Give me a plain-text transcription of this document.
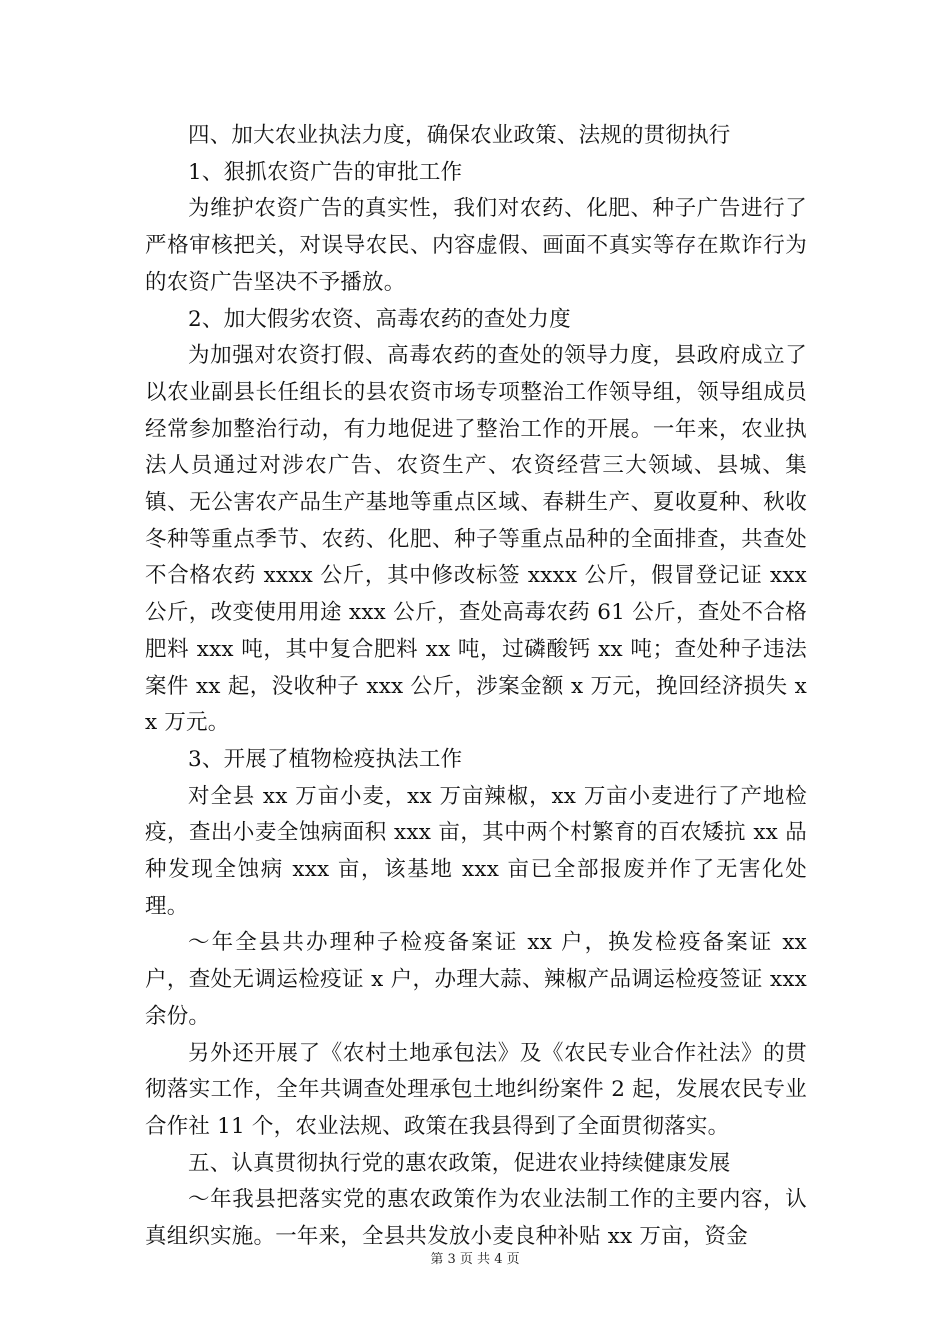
四、加大农业执法力度，确保农业政策、法规的贯彻执行

1、狠抓农资广告的审批工作

为维护农资广告的真实性，我们对农药、化肥、种子广告进行了严格审核把关，对误导农民、内容虚假、画面不真实等存在欺诈行为的农资广告坚决不予播放。

2、加大假劣农资、高毒农药的查处力度

为加强对农资打假、高毒农药的查处的领导力度，县政府成立了以农业副县长任组长的县农资市场专项整治工作领导组，领导组成员经常参加整治行动，有力地促进了整治工作的开展。一年来，农业执法人员通过对涉农广告、农资生产、农资经营三大领域、县城、集镇、无公害农产品生产基地等重点区域、春耕生产、夏收夏种、秋收冬种等重点季节、农药、化肥、种子等重点品种的全面排查，共查处不合格农药 xxxx 公斤，其中修改标签 xxxx 公斤，假冒登记证 xxx 公斤，改变使用用途 xxx 公斤，查处高毒农药 61 公斤，查处不合格肥料 xxx 吨，其中复合肥料 xx 吨，过磷酸钙 xx 吨；查处种子违法案件 xx 起，没收种子 xxx 公斤，涉案金额 x 万元，挽回经济损失 xx 万元。

3、开展了植物检疫执法工作

对全县 xx 万亩小麦，xx 万亩辣椒，xx 万亩小麦进行了产地检疫，查出小麦全蚀病面积 xxx 亩，其中两个村繁育的百农矮抗 xx 品种发现全蚀病 xxx 亩，该基地 xxx 亩已全部报废并作了无害化处理。

～年全县共办理种子检疫备案证 xx 户，换发检疫备案证 xx 户，查处无调运检疫证 x 户，办理大蒜、辣椒产品调运检疫签证 xxx 余份。

另外还开展了《农村土地承包法》及《农民专业合作社法》的贯彻落实工作，全年共调查处理承包土地纠纷案件 2 起，发展农民专业合作社 11 个，农业法规、政策在我县得到了全面贯彻落实。

五、认真贯彻执行党的惠农政策，促进农业持续健康发展

～年我县把落实党的惠农政策作为农业法制工作的主要内容，认真组织实施。一年来，全县共发放小麦良种补贴 xx 万亩，资金

第 3 页 共 4 页
